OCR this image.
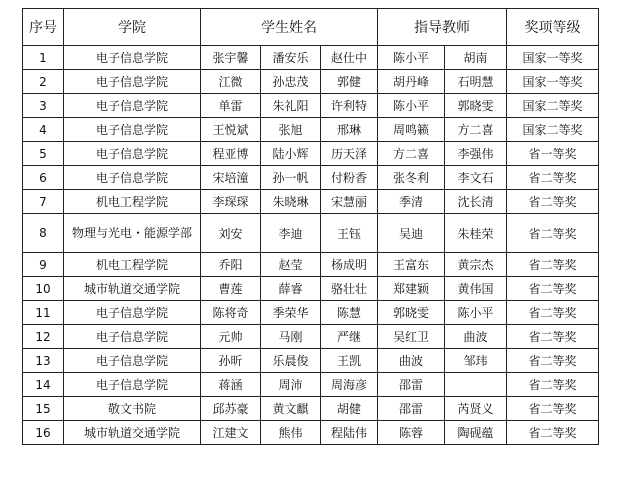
序号	学院	学生姓名			指导教师		奖项等级
1	电子信息学院	张宇馨	潘安乐	赵仕中	陈小平	胡南	国家一等奖
2	电子信息学院	江微	孙忠茂	郭健	胡丹峰	石明慧	国家一等奖
3	电子信息学院	单雷	朱礼阳	许利特	陈小平	郭晓雯	国家二等奖
4	电子信息学院	王悦斌	张旭	邢琳	周鸣籁	方二喜	国家二等奖
5	电子信息学院	程亚博	陆小辉	历天泽	方二喜	李强伟	省一等奖
6	电子信息学院	宋培潼	孙一帆	付粉香	张冬利	李文石	省二等奖
7	机电工程学院	李琛琛	朱晓琳	宋慧丽	季清	沈长清	省二等奖
8	物理与光电・能源学部	刘安	李迪	王钰	吴迪	朱桂荣	省二等奖
9	机电工程学院	乔阳	赵莹	杨成明	王富东	黄宗杰	省二等奖
10	城市轨道交通学院	曹莲	薛睿	骆壮壮	郑建颖	黄伟国	省二等奖
11	电子信息学院	陈将奇	季荣华	陈慧	郭晓雯	陈小平	省二等奖
12	电子信息学院	元帅	马刚	严继	吴红卫	曲波	省二等奖
13	电子信息学院	孙昕	乐晨俊	王凯	曲波	邹玮	省二等奖
14	电子信息学院	蒋涵	周沛	周海彦	邵雷		省二等奖
15	敬文书院	邱苏豪	黄文麒	胡健	邵雷	芮贤义	省二等奖
16	城市轨道交通学院	江建文	熊伟	程陆伟	陈蓉	陶砚蕴	省二等奖
